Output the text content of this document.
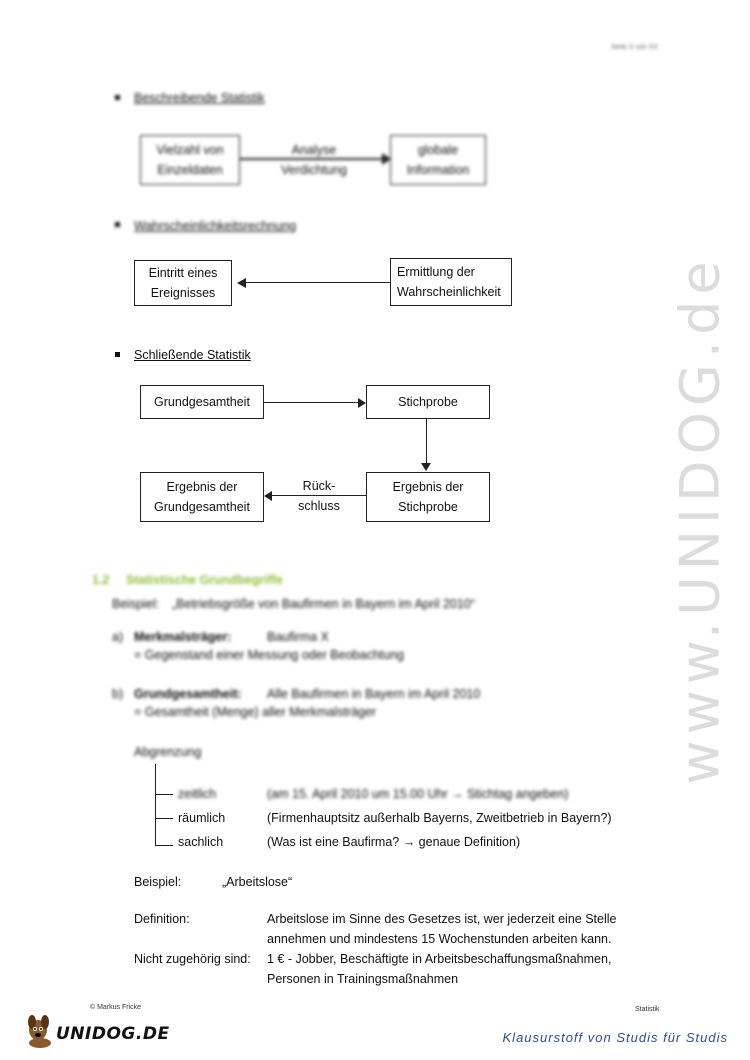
Seite X von XX
www.UNIDOG.de
Beschreibende Statistik
Vielzahl von
Einzeldaten
Analyse
Verdichtung
globale
Information
Wahrscheinlichkeitsrechnung
Eintritt eines
Ereignisses
Ermittlung der
Wahrscheinlichkeit
Schließende Statistik
Grundgesamtheit	Stichprobe
Ergebnis der
Grundgesamtheit
Rück-
schluss
Ergebnis der
Stichprobe
1.2 Statistische Grundbegriffe
Beispiel: „Betriebsgröße von Baufirmen in Bayern im April 2010“
a) Merkmalsträger:	Baufirma X
= Gegenstand einer Messung oder Beobachtung
b) Grundgesamtheit: Alle Baufirmen in Bayern im April 2010
= Gesamtheit (Menge) aller Merkmalsträger
Abgrenzung
zeitlich	(am 15. April 2010 um 15.00 Uhr → Stichtag angeben)
räumlich	(Firmenhauptsitz außerhalb Bayerns, Zweitbetrieb in Bayern?)
sachlich	(Was ist eine Baufirma? → genaue Definition)
Beispiel:	„Arbeitslose“
Definition:	Arbeitslose im Sinne des Gesetzes ist, wer jederzeit eine Stelle
annehmen und mindestens 15 Wochenstunden arbeiten kann.
Nicht zugehörig sind: 1 € - Jobber, Beschäftigte in Arbeitsbeschaffungsmaßnahmen,
Personen in Trainingsmaßnahmen
© Markus Fricke	Statistik
UNIDOG.DE	Klausurstoff von Studis für Studis
